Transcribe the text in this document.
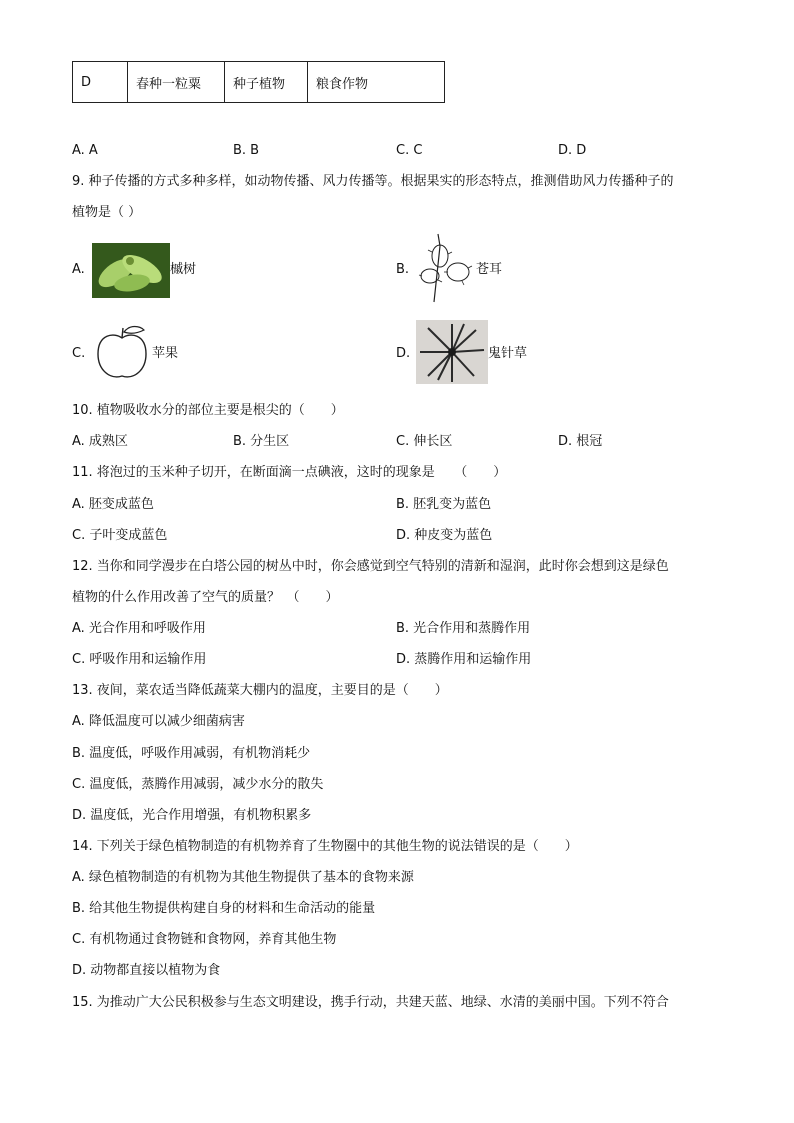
D	春种一粒粟	种子植物	粮食作物
A. A	B. B	C. C	D. D
9. 种子传播的方式多种多样，如动物传播、风力传播等。根据果实的形态特点，推测借助风力传播种子的
植物是（ ）
A.	槭树	B.	苍耳
C.	苹果	D.	鬼针草
10. 植物吸收水分的部位主要是根尖的（　　）
A. 成熟区	B. 分生区	C. 伸长区	D. 根冠
11. 将泡过的玉米种子切开，在断面滴一点碘液，这时的现象是　　（　　）
A. 胚变成蓝色	B. 胚乳变为蓝色
C. 子叶变成蓝色	D. 种皮变为蓝色
12. 当你和同学漫步在白塔公园的树丛中时，你会感觉到空气特别的清新和湿润，此时你会想到这是绿色
植物的什么作用改善了空气的质量？　（　　）
A. 光合作用和呼吸作用	B. 光合作用和蒸腾作用
C. 呼吸作用和运输作用	D. 蒸腾作用和运输作用
13. 夜间，菜农适当降低蔬菜大棚内的温度，主要目的是（　　）
A. 降低温度可以减少细菌病害
B. 温度低，呼吸作用减弱，有机物消耗少
C. 温度低，蒸腾作用减弱，减少水分的散失
D. 温度低，光合作用增强，有机物积累多
14. 下列关于绿色植物制造的有机物养育了生物圈中的其他生物的说法错误的是（　　）
A. 绿色植物制造的有机物为其他生物提供了基本的食物来源
B. 给其他生物提供构建自身的材料和生命活动的能量
C. 有机物通过食物链和食物网，养育其他生物
D. 动物都直接以植物为食
15. 为推动广大公民积极参与生态文明建设，携手行动，共建天蓝、地绿、水清的美丽中国。下列不符合
